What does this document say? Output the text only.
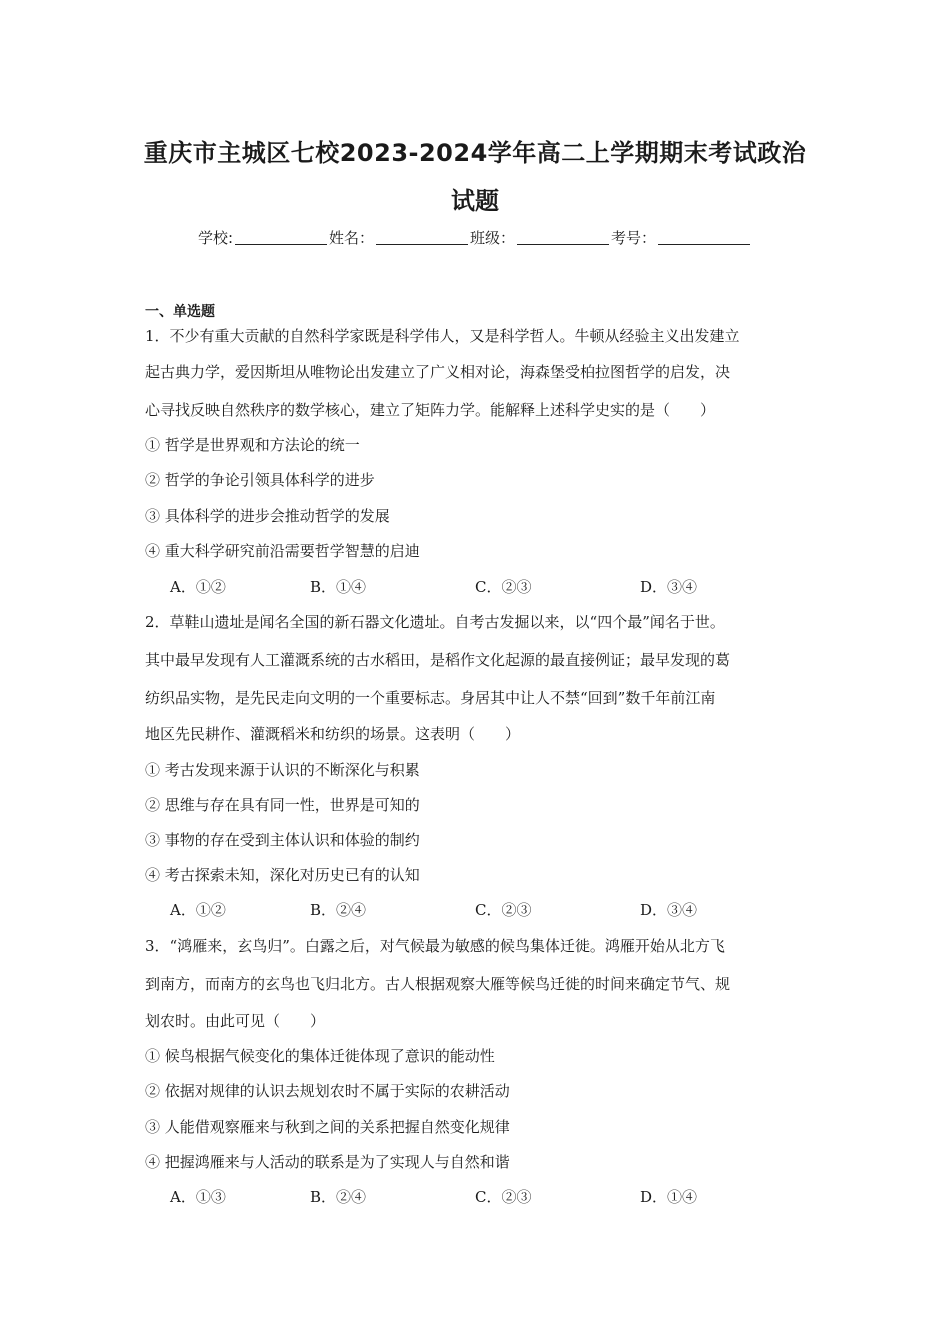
重庆市主城区七校2023-2024学年高二上学期期末考试政治
试题
学校:	姓名：	班级：	考号：
一、单选题
1．不少有重大贡献的自然科学家既是科学伟人，又是科学哲人。牛顿从经验主义出发建立
起古典力学，爱因斯坦从唯物论出发建立了广义相对论，海森堡受柏拉图哲学的启发，决
心寻找反映自然秩序的数学核心，建立了矩阵力学。能解释上述科学史实的是（　　）
① 哲学是世界观和方法论的统一
② 哲学的争论引领具体科学的进步
③ 具体科学的进步会推动哲学的发展
④ 重大科学研究前沿需要哲学智慧的启迪
A．①②	B．①④	C．②③	D．③④
2．草鞋山遗址是闻名全国的新石器文化遗址。自考古发掘以来，以“四个最”闻名于世。
其中最早发现有人工灌溉系统的古水稻田，是稻作文化起源的最直接例证；最早发现的葛
纺织品实物，是先民走向文明的一个重要标志。身居其中让人不禁“回到”数千年前江南
地区先民耕作、灌溉稻米和纺织的场景。这表明（　　）
① 考古发现来源于认识的不断深化与积累
② 思维与存在具有同一性，世界是可知的
③ 事物的存在受到主体认识和体验的制约
④ 考古探索未知，深化对历史已有的认知
A．①②	B．②④	C．②③	D．③④
3．“鸿雁来，玄鸟归”。白露之后，对气候最为敏感的候鸟集体迁徙。鸿雁开始从北方飞
到南方，而南方的玄鸟也飞归北方。古人根据观察大雁等候鸟迁徙的时间来确定节气、规
划农时。由此可见（　　）
① 候鸟根据气候变化的集体迁徙体现了意识的能动性
② 依据对规律的认识去规划农时不属于实际的农耕活动
③ 人能借观察雁来与秋到之间的关系把握自然变化规律
④ 把握鸿雁来与人活动的联系是为了实现人与自然和谐
A．①③	B．②④	C．②③	D．①④
